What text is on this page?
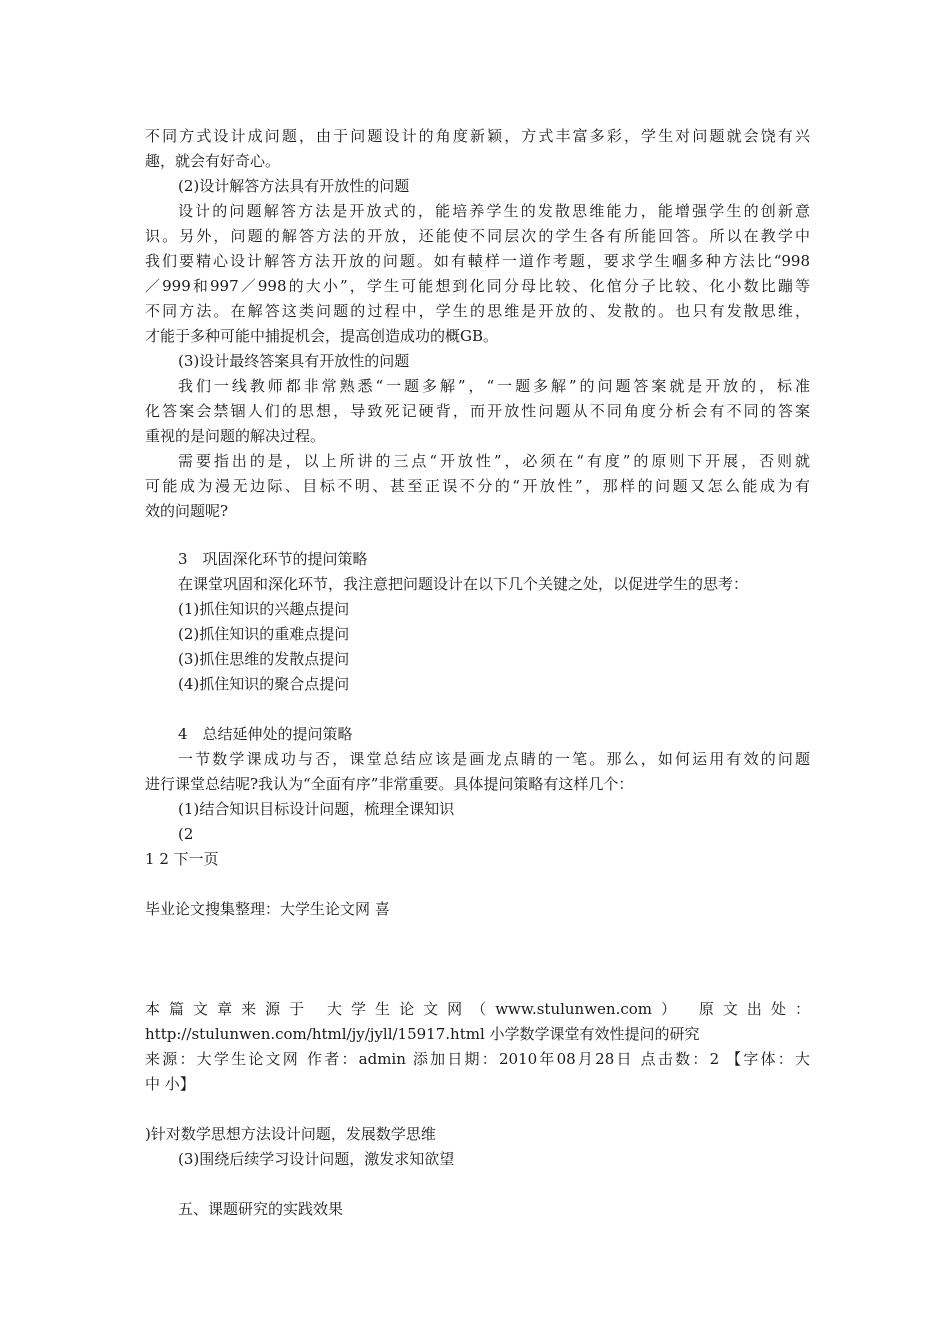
不同方式设计成问题，由于问题设计的角度新颖，方式丰富多彩，学生对问题就会饶有兴

趣，就会有好奇心。

(2)设计解答方法具有开放性的问题

设计的问题解答方法是开放式的，能培养学生的发散思维能力，能增强学生的创新意

识。另外，问题的解答方法的开放，还能使不同层次的学生各有所能回答。所以在教学中

我们要精心设计解答方法开放的问题。如有轅样一道作考题，要求学生嗰多种方法比“998

／999和997／998的大小”，学生可能想到化同分母比较、化倌分子比较、化小数比蹦等

不同方法。在解答这类问题的过程中，学生的思维是开放的、发散的。也只有发散思维，

才能于多种可能中捕捉机会，提高创造成功的概GB。

(3)设计最终答案具有开放性的问题

我们一线教师都非常熟悉“一题多解”，“一题多解”的问题答案就是开放的，标准

化答案会禁锢人们的思想，导致死记硬背，而开放性问题从不同角度分析会有不同的答案

重视的是问题的解决过程。

需要指出的是，以上所讲的三点“开放性”，必须在“有度”的原则下开展，否则就

可能成为漫无边际、目标不明、甚至正误不分的“开放性”，那样的问题又怎么能成为有

效的问题呢?

3　巩固深化环节的提问策略

在课堂巩固和深化环节，我注意把问题设计在以下几个关键之处，以促进学生的思考：

(1)抓住知识的兴趣点提问

(2)抓住知识的重难点提问

(3)抓住思维的发散点提问

(4)抓住知识的聚合点提问

4　总结延伸处的提问策略

一节数学课成功与否，课堂总结应该是画龙点睛的一笔。那么，如何运用有效的问题

进行课堂总结呢?我认为“全面有序”非常重要。具体提问策略有这样几个：

(1)结合知识目标设计问题，梳理全课知识

(2

1 2 下一页

毕业论文搜集整理：大学生论文网 喜

本篇文章来源于 大学生论文网（www.stulunwen.com） 原文出处：

http://stulunwen.com/html/jy/jyll/15917.html 小学数学课堂有效性提问的研究

来源：大学生论文网 作者：admin 添加日期：2010年08月28日 点击数：2 【字体：大

中 小】

)针对数学思想方法设计问题，发展数学思维

(3)围绕后续学习设计问题，激发求知欲望

五、课题研究的实践效果
